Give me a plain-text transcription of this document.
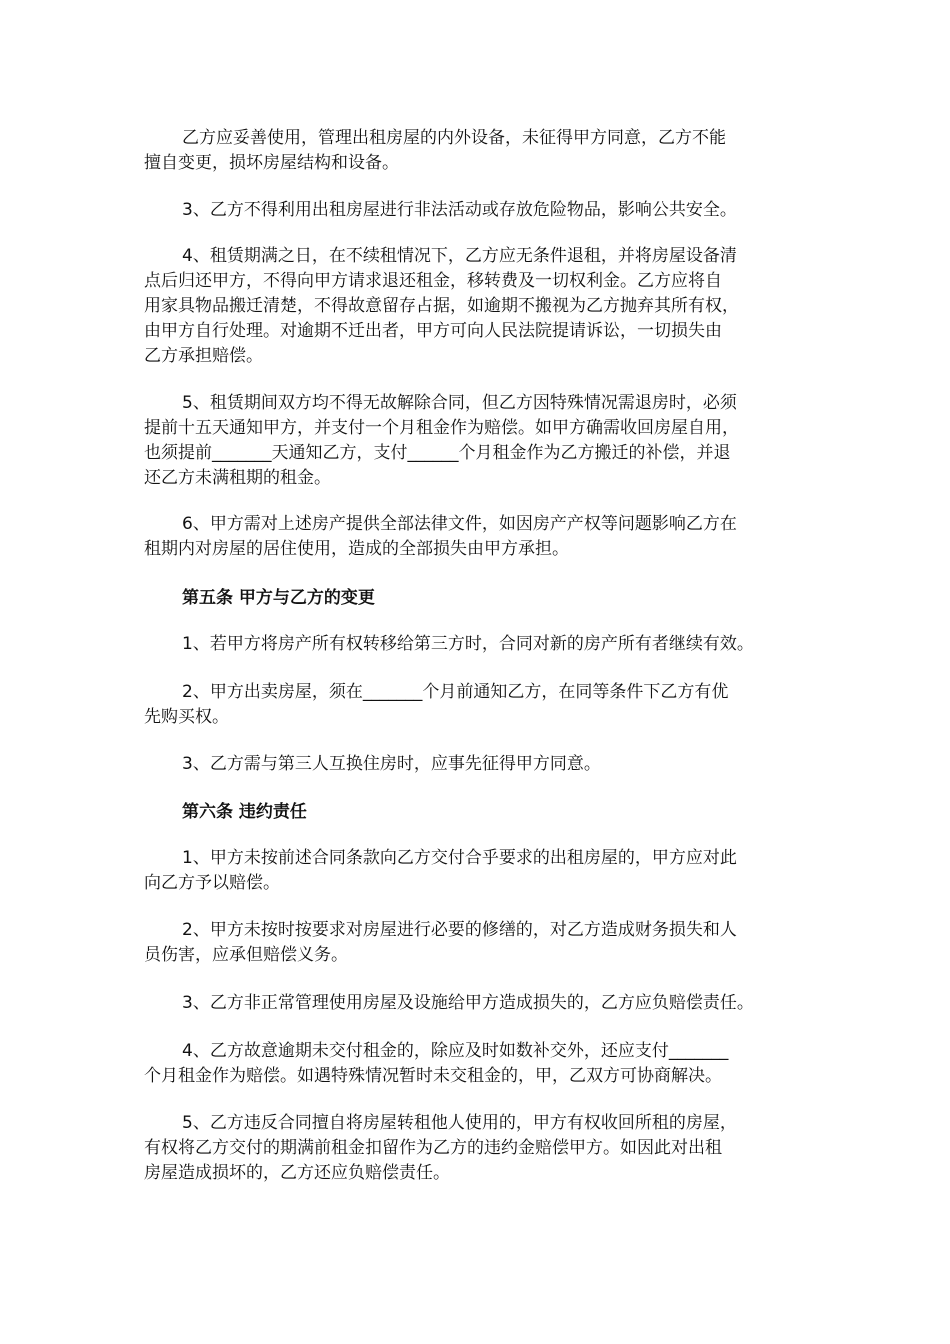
乙方应妥善使用，管理出租房屋的内外设备，未征得甲方同意，乙方不能
擅自变更，损坏房屋结构和设备。
3、乙方不得利用出租房屋进行非法活动或存放危险物品，影响公共安全。
4、租赁期满之日，在不续租情况下，乙方应无条件退租，并将房屋设备清
点后归还甲方，不得向甲方请求退还租金，移转费及一切权利金。乙方应将自
用家具物品搬迁清楚，不得故意留存占据，如逾期不搬视为乙方抛弃其所有权，
由甲方自行处理。对逾期不迁出者，甲方可向人民法院提请诉讼，一切损失由
乙方承担赔偿。
5、租赁期间双方均不得无故解除合同，但乙方因特殊情况需退房时，必须
提前十五天通知甲方，并支付一个月租金作为赔偿。如甲方确需收回房屋自用，
也须提前_______天通知乙方，支付______个月租金作为乙方搬迁的补偿，并退
还乙方未满租期的租金。
6、甲方需对上述房产提供全部法律文件，如因房产产权等问题影响乙方在
租期内对房屋的居住使用，造成的全部损失由甲方承担。
第五条 甲方与乙方的变更
1、若甲方将房产所有权转移给第三方时，合同对新的房产所有者继续有效。
2、甲方出卖房屋，须在_______个月前通知乙方，在同等条件下乙方有优
先购买权。
3、乙方需与第三人互换住房时，应事先征得甲方同意。
第六条 违约责任
1、甲方未按前述合同条款向乙方交付合乎要求的出租房屋的，甲方应对此
向乙方予以赔偿。
2、甲方未按时按要求对房屋进行必要的修缮的，对乙方造成财务损失和人
员伤害，应承但赔偿义务。
3、乙方非正常管理使用房屋及设施给甲方造成损失的，乙方应负赔偿责任。
4、乙方故意逾期未交付租金的，除应及时如数补交外，还应支付_______
个月租金作为赔偿。如遇特殊情况暂时未交租金的，甲，乙双方可协商解决。
5、乙方违反合同擅自将房屋转租他人使用的，甲方有权收回所租的房屋，
有权将乙方交付的期满前租金扣留作为乙方的违约金赔偿甲方。如因此对出租
房屋造成损坏的，乙方还应负赔偿责任。
